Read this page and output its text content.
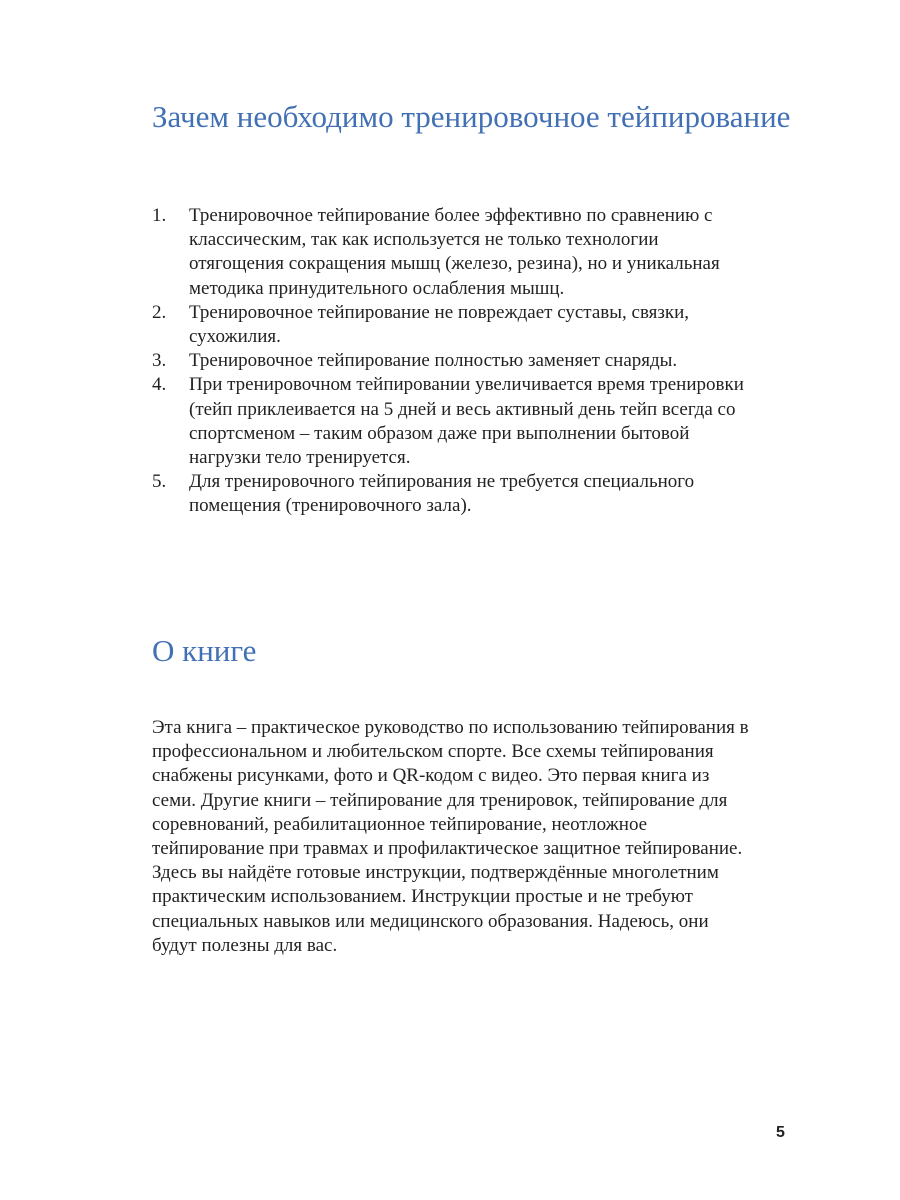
Зачем необходимо тренировочное тейпирование
1. Тренировочное тейпирование более эффективно по сравнению с классическим, так как используется не только технологии отягощения сокращения мышц (железо, резина), но и уникальная методика принудительного ослабления мышц.
2. Тренировочное тейпирование не повреждает суставы, связки, сухожилия.
3. Тренировочное тейпирование полностью заменяет снаряды.
4. При тренировочном тейпировании увеличивается время тренировки (тейп приклеивается на 5 дней и весь активный день тейп всегда со спортсменом – таким образом даже при выполнении бытовой нагрузки тело тренируется.
5. Для тренировочного тейпирования не требуется специального помещения (тренировочного зала).
О книге

Эта книга – практическое руководство по использованию тейпирования в профессиональном и любительском спорте. Все схемы тейпирования снабжены рисунками, фото и QR-кодом с видео. Это первая книга из семи. Другие книги – тейпирование для тренировок, тейпирование для соревнований, реабилитационное тейпирование, неотложное тейпирование при травмах и профилактическое защитное тейпирование. Здесь вы найдёте готовые инструкции, подтверждённые многолетним практическим использованием. Инструкции простые и не требуют специальных навыков или медицинского образования. Надеюсь, они будут полезны для вас.

5
